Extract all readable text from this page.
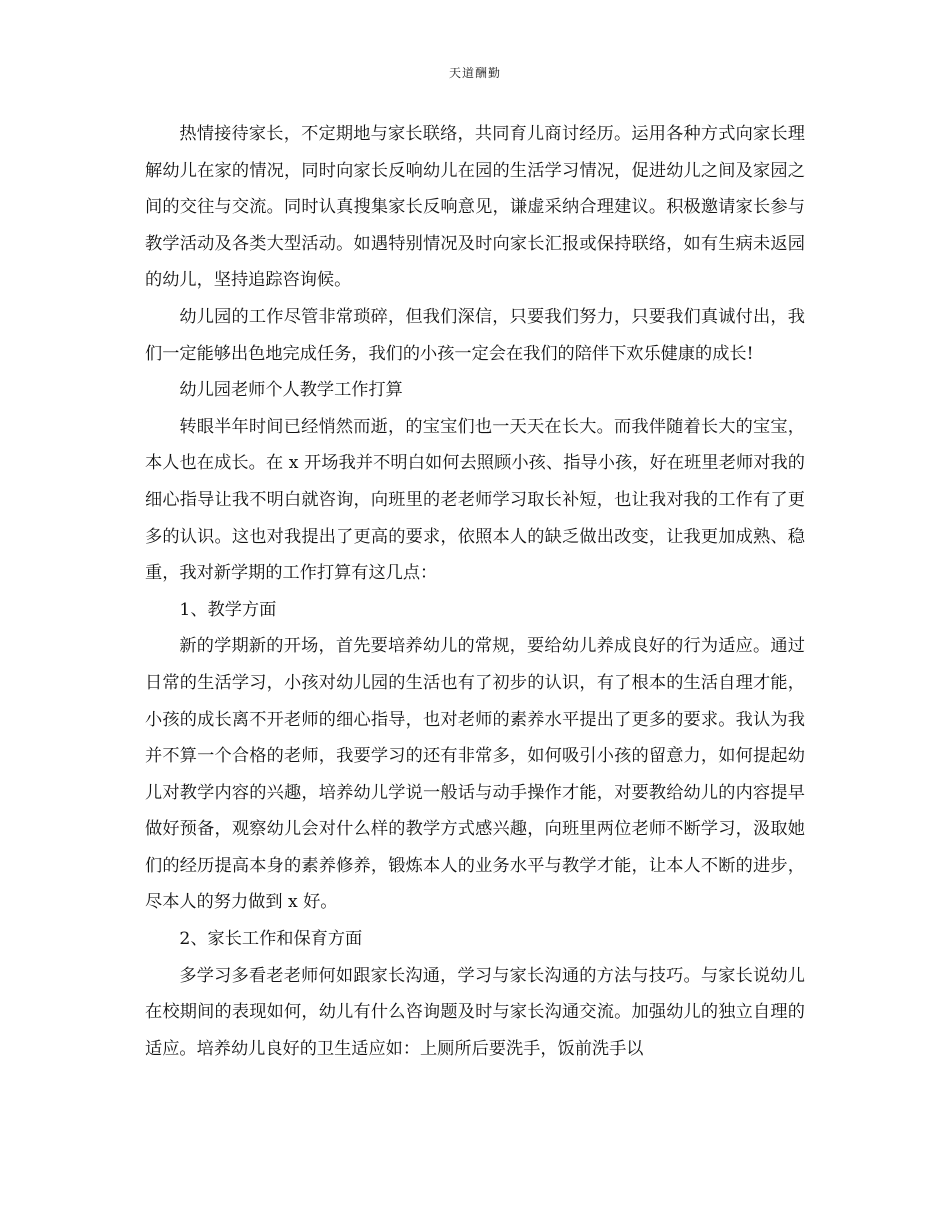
天道酬勤

热情接待家长，不定期地与家长联络，共同育儿商讨经历。运用各种方式向家长理解幼儿在家的情况，同时向家长反响幼儿在园的生活学习情况，促进幼儿之间及家园之间的交往与交流。同时认真搜集家长反响意见，谦虚采纳合理建议。积极邀请家长参与教学活动及各类大型活动。如遇特别情况及时向家长汇报或保持联络，如有生病未返园的幼儿，坚持追踪咨询候。

幼儿园的工作尽管非常琐碎，但我们深信，只要我们努力，只要我们真诚付出，我们一定能够出色地完成任务，我们的小孩一定会在我们的陪伴下欢乐健康的成长!

幼儿园老师个人教学工作打算

转眼半年时间已经悄然而逝，的宝宝们也一天天在长大。而我伴随着长大的宝宝，本人也在成长。在 x 开场我并不明白如何去照顾小孩、指导小孩，好在班里老师对我的细心指导让我不明白就咨询，向班里的老老师学习取长补短，也让我对我的工作有了更多的认识。这也对我提出了更高的要求，依照本人的缺乏做出改变，让我更加成熟、稳重，我对新学期的工作打算有这几点：

1、教学方面

新的学期新的开场，首先要培养幼儿的常规，要给幼儿养成良好的行为适应。通过日常的生活学习，小孩对幼儿园的生活也有了初步的认识，有了根本的生活自理才能，小孩的成长离不开老师的细心指导，也对老师的素养水平提出了更多的要求。我认为我并不算一个合格的老师，我要学习的还有非常多，如何吸引小孩的留意力，如何提起幼儿对教学内容的兴趣，培养幼儿学说一般话与动手操作才能，对要教给幼儿的内容提早做好预备，观察幼儿会对什么样的教学方式感兴趣，向班里两位老师不断学习，汲取她们的经历提高本身的素养修养，锻炼本人的业务水平与教学才能，让本人不断的进步，尽本人的努力做到 x 好。

2、家长工作和保育方面

多学习多看老老师何如跟家长沟通，学习与家长沟通的方法与技巧。与家长说幼儿在校期间的表现如何，幼儿有什么咨询题及时与家长沟通交流。加强幼儿的独立自理的适应。培养幼儿良好的卫生适应如：上厕所后要洗手，饭前洗手以
